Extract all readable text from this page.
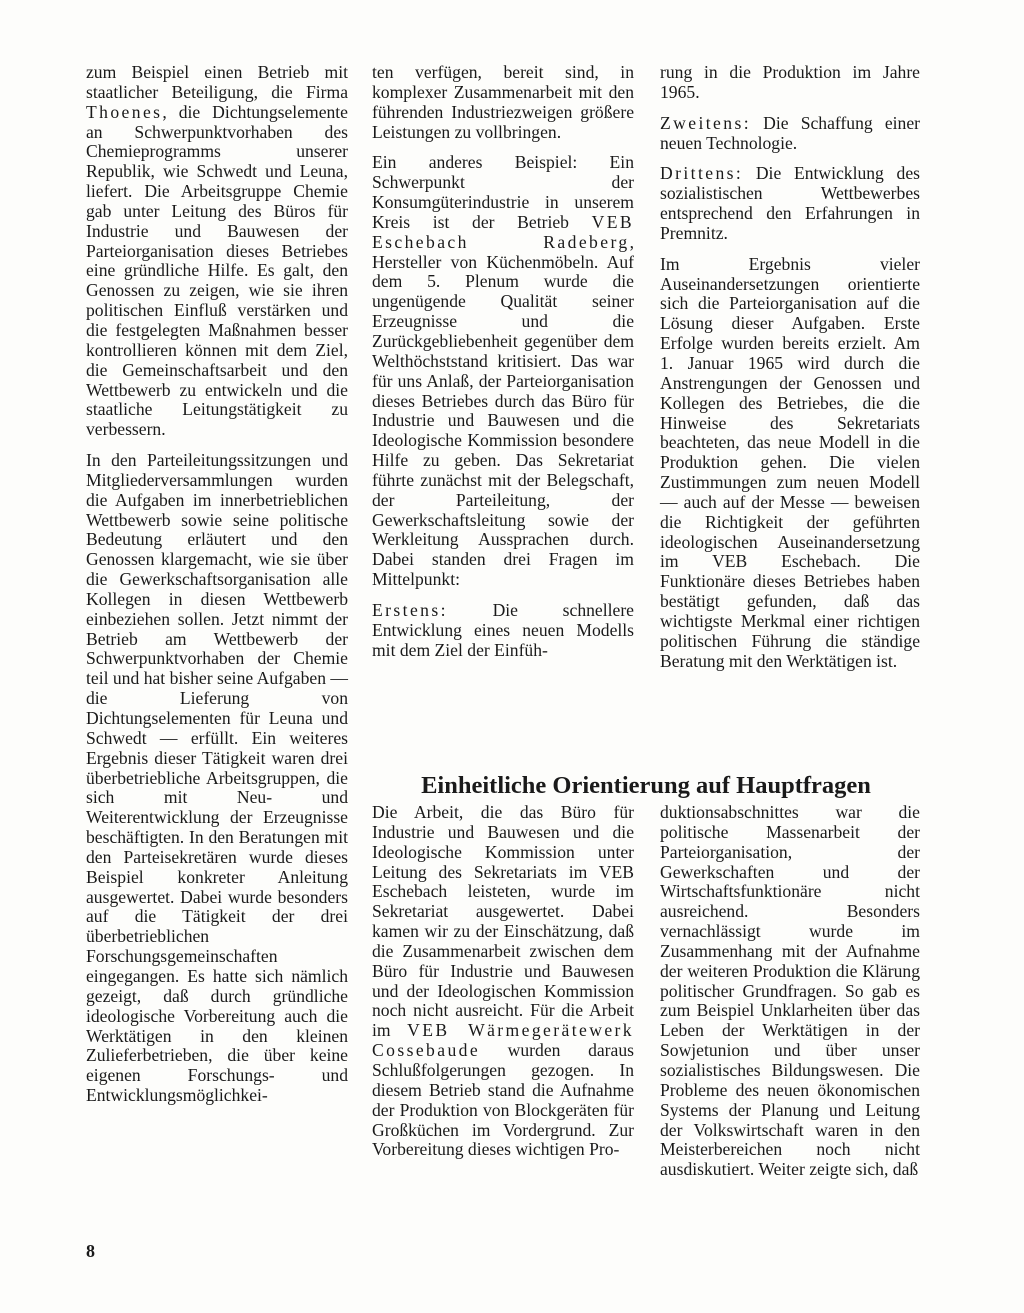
zum Beispiel einen Betrieb mit staatlicher Beteiligung, die Firma Thoenes, die Dichtungselemente an Schwerpunktvorhaben des Chemieprogramms unserer Republik, wie Schwedt und Leuna, liefert. Die Arbeitsgruppe Chemie gab unter Leitung des Büros für Industrie und Bauwesen der Parteiorganisation dieses Betriebes eine gründliche Hilfe. Es galt, den Genossen zu zeigen, wie sie ihren politischen Einfluß verstärken und die festgelegten Maßnahmen besser kontrollieren können mit dem Ziel, die Gemeinschaftsarbeit und den Wettbewerb zu entwickeln und die staatliche Leitungstätigkeit zu verbessern.

In den Parteileitungssitzungen und Mitgliederversammlungen wurden die Aufgaben im innerbetrieblichen Wettbewerb sowie seine politische Bedeutung erläutert und den Genossen klargemacht, wie sie über die Gewerkschaftsorganisation alle Kollegen in diesen Wettbewerb einbeziehen sollen. Jetzt nimmt der Betrieb am Wettbewerb der Schwerpunktvorhaben der Chemie teil und hat bisher seine Aufgaben — die Lieferung von Dichtungselementen für Leuna und Schwedt — erfüllt. Ein weiteres Ergebnis dieser Tätigkeit waren drei überbetriebliche Arbeitsgruppen, die sich mit Neu- und Weiterentwicklung der Erzeugnisse beschäftigten. In den Beratungen mit den Parteisekretären wurde dieses Beispiel konkreter Anleitung ausgewertet. Dabei wurde besonders auf die Tätigkeit der drei überbetrieblichen Forschungsgemeinschaften eingegangen. Es hatte sich nämlich gezeigt, daß durch gründliche ideologische Vorbereitung auch die Werktätigen in den kleinen Zulieferbetrieben, die über keine eigenen Forschungs- und Entwicklungsmöglichkei-

ten verfügen, bereit sind, in komplexer Zusammenarbeit mit den führenden Industriezweigen größere Leistungen zu vollbringen.

Ein anderes Beispiel: Ein Schwerpunkt der Konsumgüterindustrie in unserem Kreis ist der Betrieb VEB Eschebach Radeberg, Hersteller von Küchenmöbeln. Auf dem 5. Plenum wurde die ungenügende Qualität seiner Erzeugnisse und die Zurückgebliebenheit gegenüber dem Welthöchststand kritisiert. Das war für uns Anlaß, der Parteiorganisation dieses Betriebes durch das Büro für Industrie und Bauwesen und die Ideologische Kommission besondere Hilfe zu geben. Das Sekretariat führte zunächst mit der Belegschaft, der Parteileitung, der Gewerkschaftsleitung sowie der Werkleitung Aussprachen durch. Dabei standen drei Fragen im Mittelpunkt:

Erstens: Die schnellere Entwicklung eines neuen Modells mit dem Ziel der Einfüh-

rung in die Produktion im Jahre 1965.

Zweitens: Die Schaffung einer neuen Technologie.

Drittens: Die Entwicklung des sozialistischen Wettbewerbes entsprechend den Erfahrungen in Premnitz.

Im Ergebnis vieler Auseinandersetzungen orientierte sich die Parteiorganisation auf die Lösung dieser Aufgaben. Erste Erfolge wurden bereits erzielt. Am 1. Januar 1965 wird durch die Anstrengungen der Genossen und Kollegen des Betriebes, die die Hinweise des Sekretariats beachteten, das neue Modell in die Produktion gehen. Die vielen Zustimmungen zum neuen Modell — auch auf der Messe — beweisen die Richtigkeit der geführten ideologischen Auseinandersetzung im VEB Eschebach. Die Funktionäre dieses Betriebes haben bestätigt gefunden, daß das wichtigste Merkmal einer richtigen politischen Führung die ständige Beratung mit den Werktätigen ist.

Einheitliche Orientierung auf Hauptfragen

Die Arbeit, die das Büro für Industrie und Bauwesen und die Ideologische Kommission unter Leitung des Sekretariats im VEB Eschebach leisteten, wurde im Sekretariat ausgewertet. Dabei kamen wir zu der Einschätzung, daß die Zusammenarbeit zwischen dem Büro für Industrie und Bauwesen und der Ideologischen Kommission noch nicht ausreicht. Für die Arbeit im VEB Wärmegerätewerk Cossebaude wurden daraus Schlußfolgerungen gezogen. In diesem Betrieb stand die Aufnahme der Produktion von Blockgeräten für Großküchen im Vordergrund. Zur Vorbereitung dieses wichtigen Pro-

duktionsabschnittes war die politische Massenarbeit der Parteiorganisation, der Gewerkschaften und der Wirtschaftsfunktionäre nicht ausreichend. Besonders vernachlässigt wurde im Zusammenhang mit der Aufnahme der weiteren Produktion die Klärung politischer Grundfragen. So gab es zum Beispiel Unklarheiten über das Leben der Werktätigen in der Sowjetunion und über unser sozialistisches Bildungswesen. Die Probleme des neuen ökonomischen Systems der Planung und Leitung der Volkswirtschaft waren in den Meisterbereichen noch nicht ausdiskutiert. Weiter zeigte sich, daß

8
